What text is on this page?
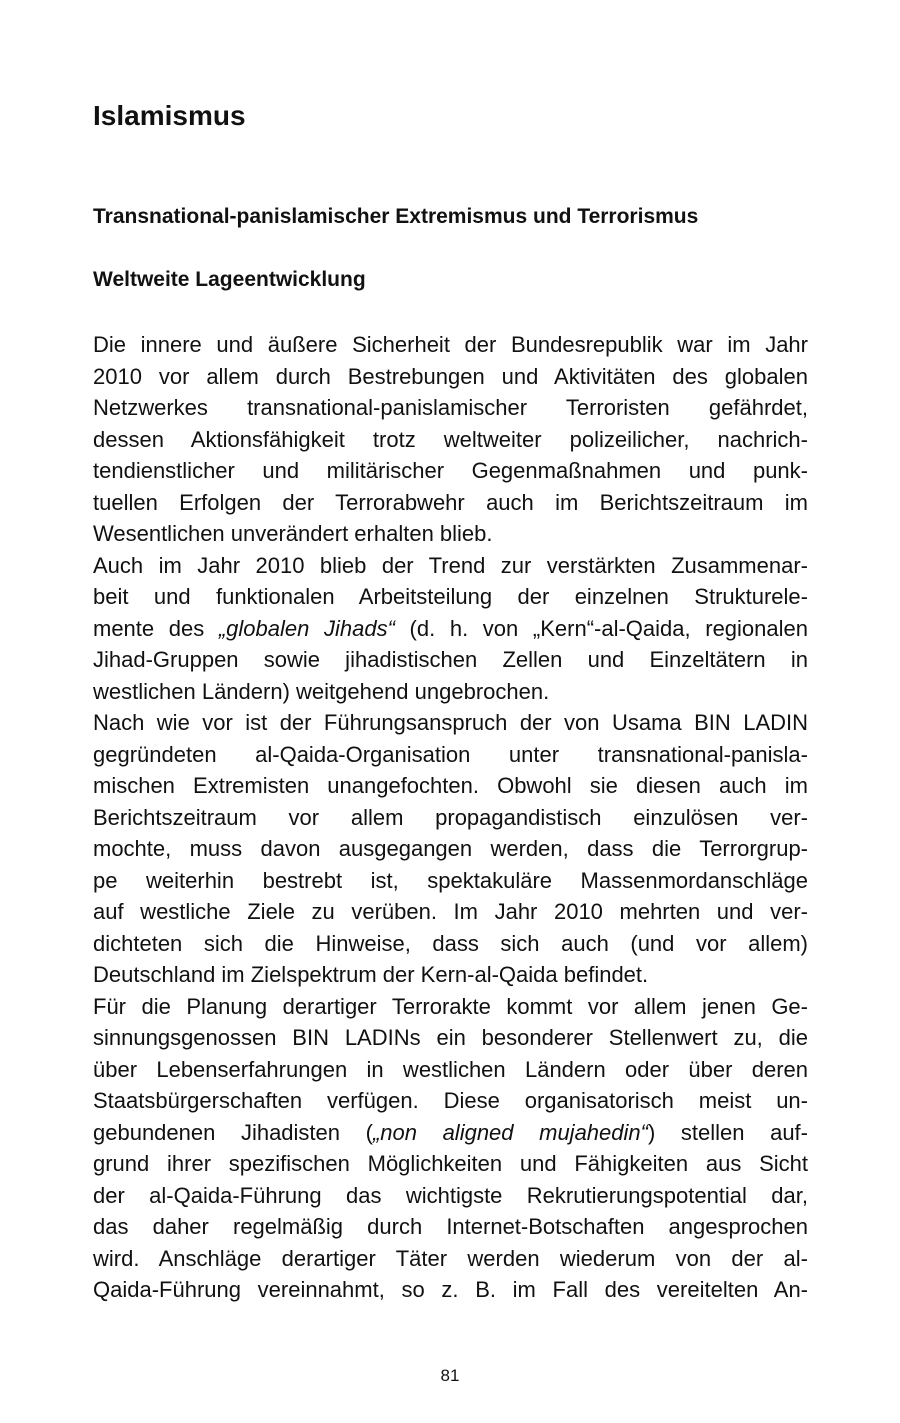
Islamismus
Transnational-panislamischer Extremismus und Terrorismus
Weltweite Lageentwicklung

Die innere und äußere Sicherheit der Bundesrepublik war im Jahr
2010 vor allem durch Bestrebungen und Aktivitäten des globalen
Netzwerkes transnational-panislamischer Terroristen gefährdet,
dessen Aktionsfähigkeit trotz weltweiter polizeilicher, nachrich-
tendienstlicher und militärischer Gegenmaßnahmen und punk-
tuellen Erfolgen der Terrorabwehr auch im Berichtszeitraum im
Wesentlichen unverändert erhalten blieb.

Auch im Jahr 2010 blieb der Trend zur verstärkten Zusammenar-
beit und funktionalen Arbeitsteilung der einzelnen Strukturele-
mente des „globalen Jihads“ (d. h. von „Kern“-al-Qaida, regionalen
Jihad-Gruppen sowie jihadistischen Zellen und Einzeltätern in
westlichen Ländern) weitgehend ungebrochen.

Nach wie vor ist der Führungsanspruch der von Usama BIN LADIN
gegründeten al-Qaida-Organisation unter transnational-panisla-
mischen Extremisten unangefochten. Obwohl sie diesen auch im
Berichtszeitraum vor allem propagandistisch einzulösen ver-
mochte, muss davon ausgegangen werden, dass die Terrorgrup-
pe weiterhin bestrebt ist, spektakuläre Massenmordanschläge
auf westliche Ziele zu verüben. Im Jahr 2010 mehrten und ver-
dichteten sich die Hinweise, dass sich auch (und vor allem)
Deutschland im Zielspektrum der Kern-al-Qaida befindet.

Für die Planung derartiger Terrorakte kommt vor allem jenen Ge-
sinnungsgenossen BIN LADINs ein besonderer Stellenwert zu, die
über Lebenserfahrungen in westlichen Ländern oder über deren
Staatsbürgerschaften verfügen. Diese organisatorisch meist un-
gebundenen Jihadisten („non aligned mujahedin“) stellen auf-
grund ihrer spezifischen Möglichkeiten und Fähigkeiten aus Sicht
der al-Qaida-Führung das wichtigste Rekrutierungspotential dar,
das daher regelmäßig durch Internet-Botschaften angesprochen
wird. Anschläge derartiger Täter werden wiederum von der al-
Qaida-Führung vereinnahmt, so z. B. im Fall des vereitelten An-

81
